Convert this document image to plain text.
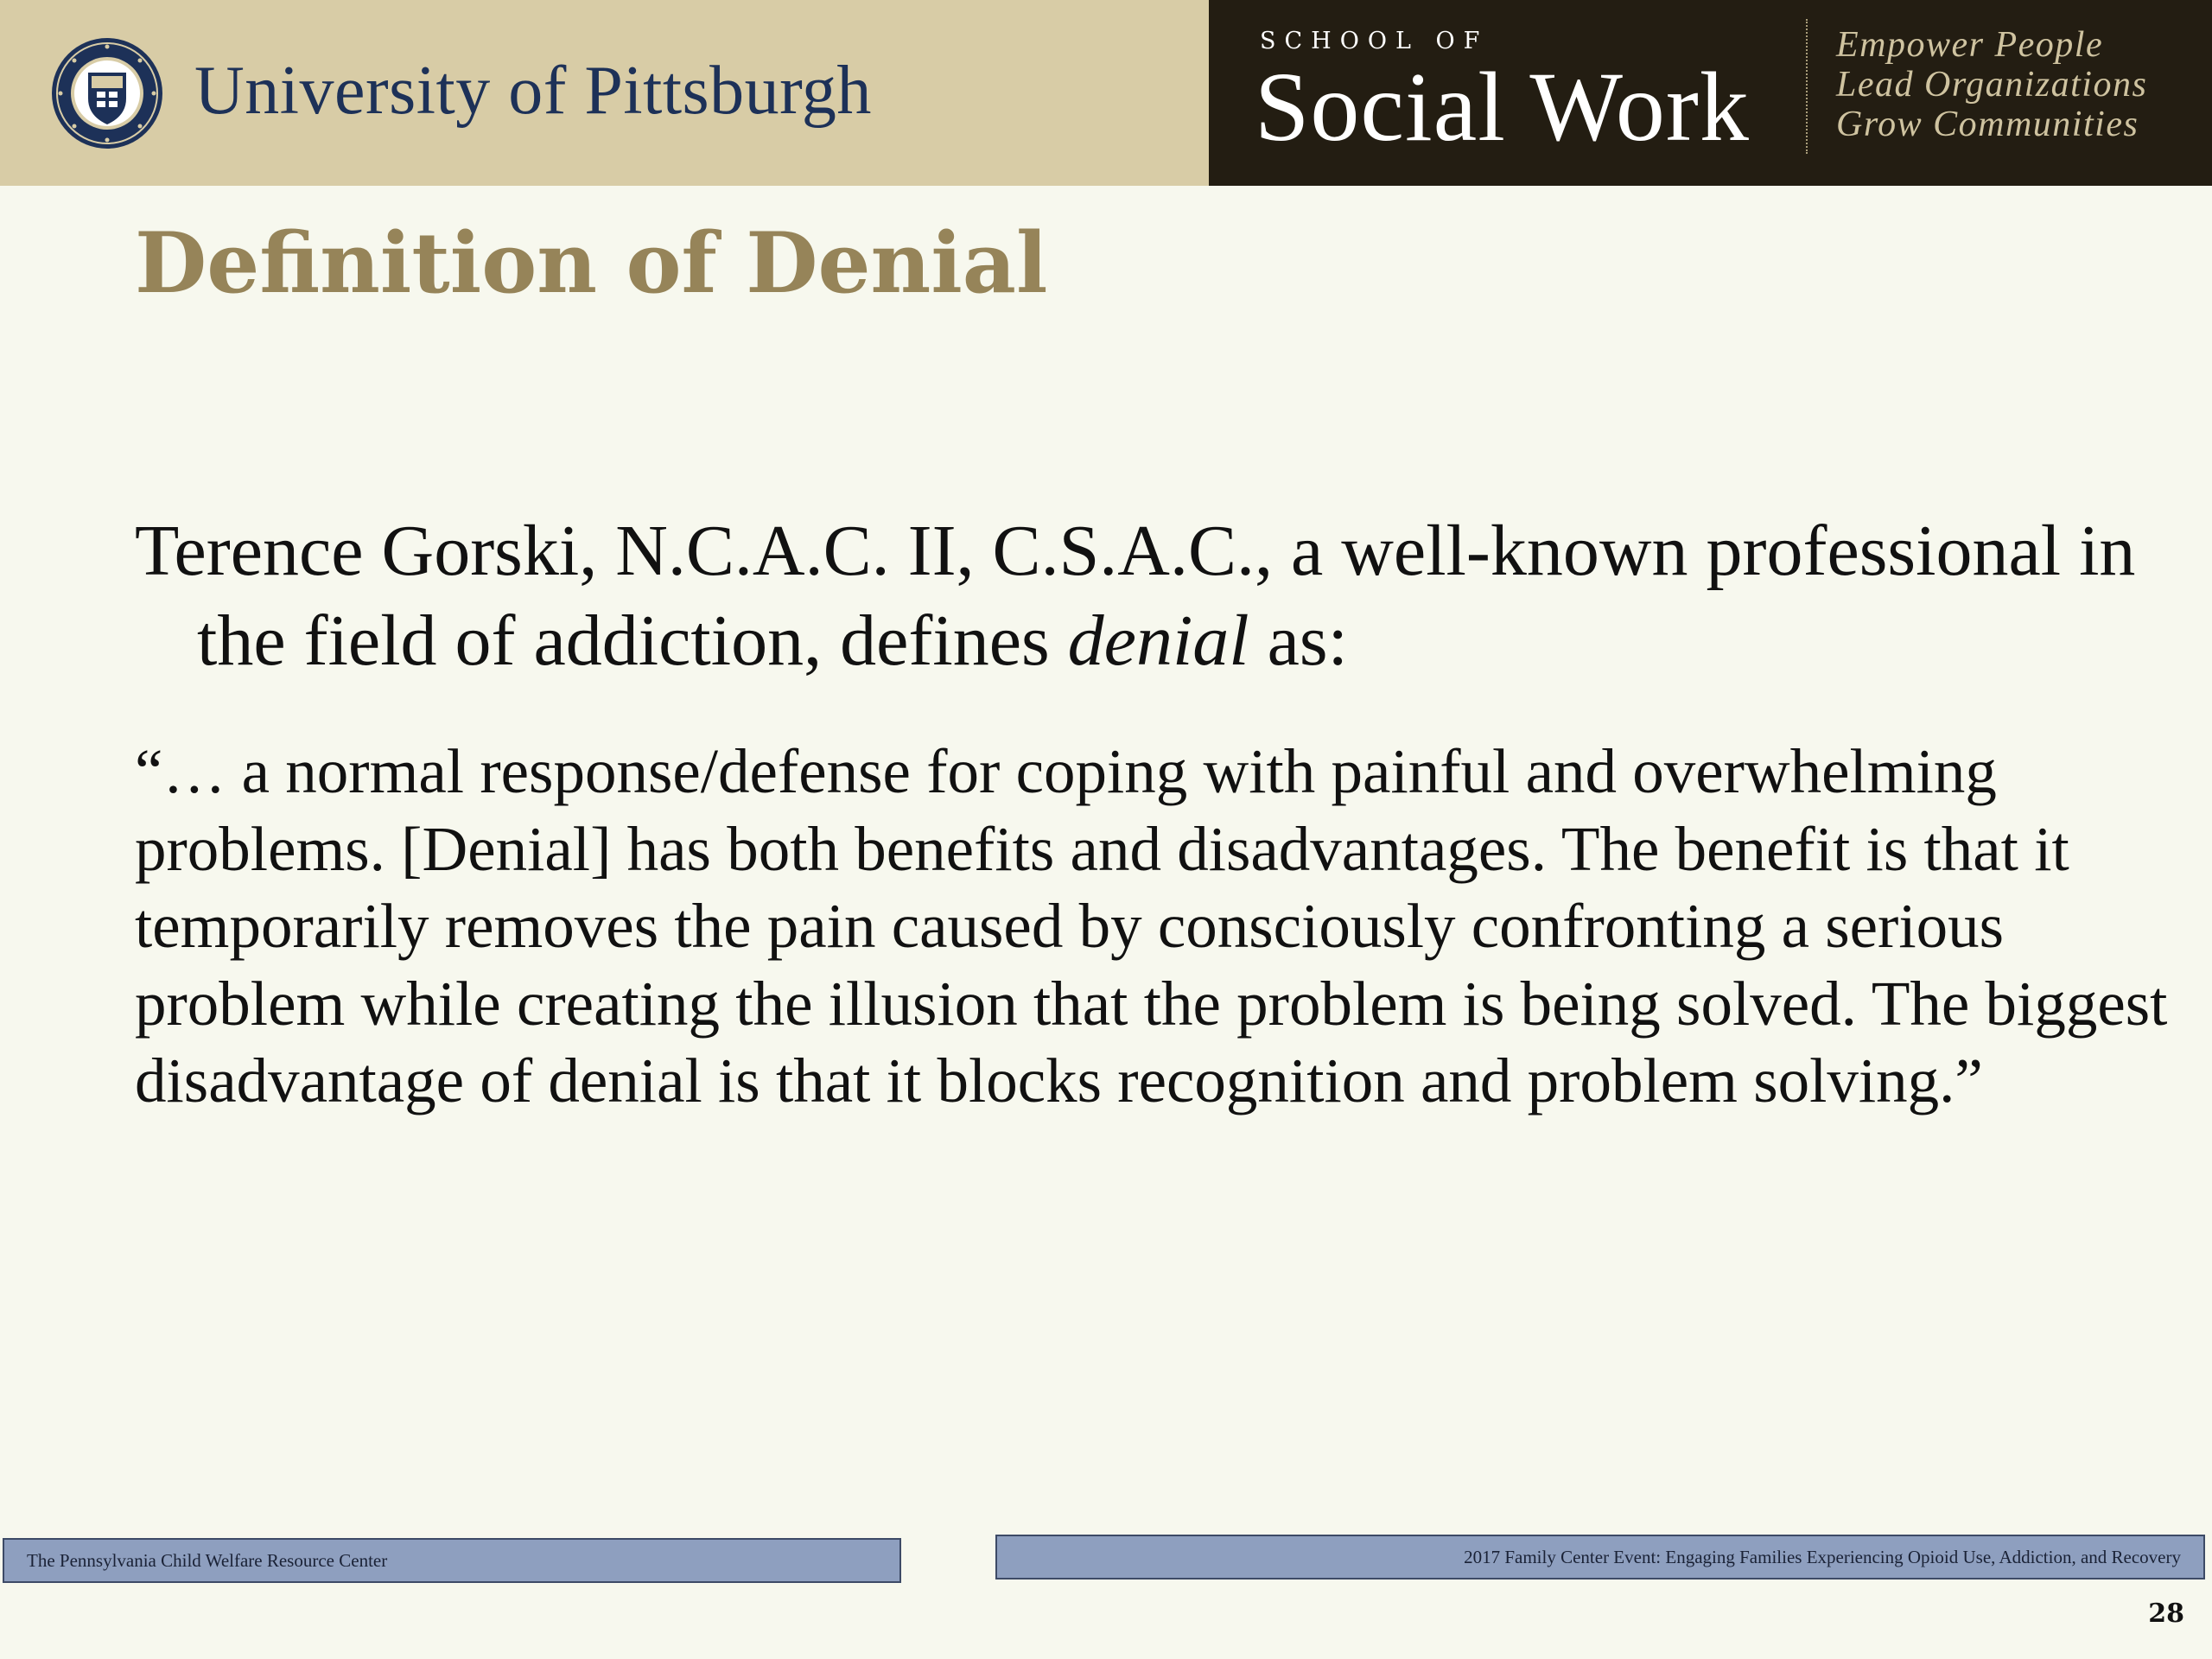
University of Pittsburgh
SCHOOL OF
Social Work
Empower People
Lead Organizations
Grow Communities
Definition of Denial

Terence Gorski, N.C.A.C. II, C.S.A.C., a well-known professional in the field of addiction, defines denial as:

“… a normal response/defense for coping with painful and overwhelming problems. [Denial] has both benefits and disadvantages. The benefit is that it temporarily removes the pain caused by consciously confronting a serious problem while creating the illusion that the problem is being solved. The biggest disadvantage of denial is that it blocks recognition and problem solving.”

The Pennsylvania Child Welfare Resource Center	2017 Family Center Event: Engaging Families Experiencing Opioid Use, Addiction, and Recovery
28
